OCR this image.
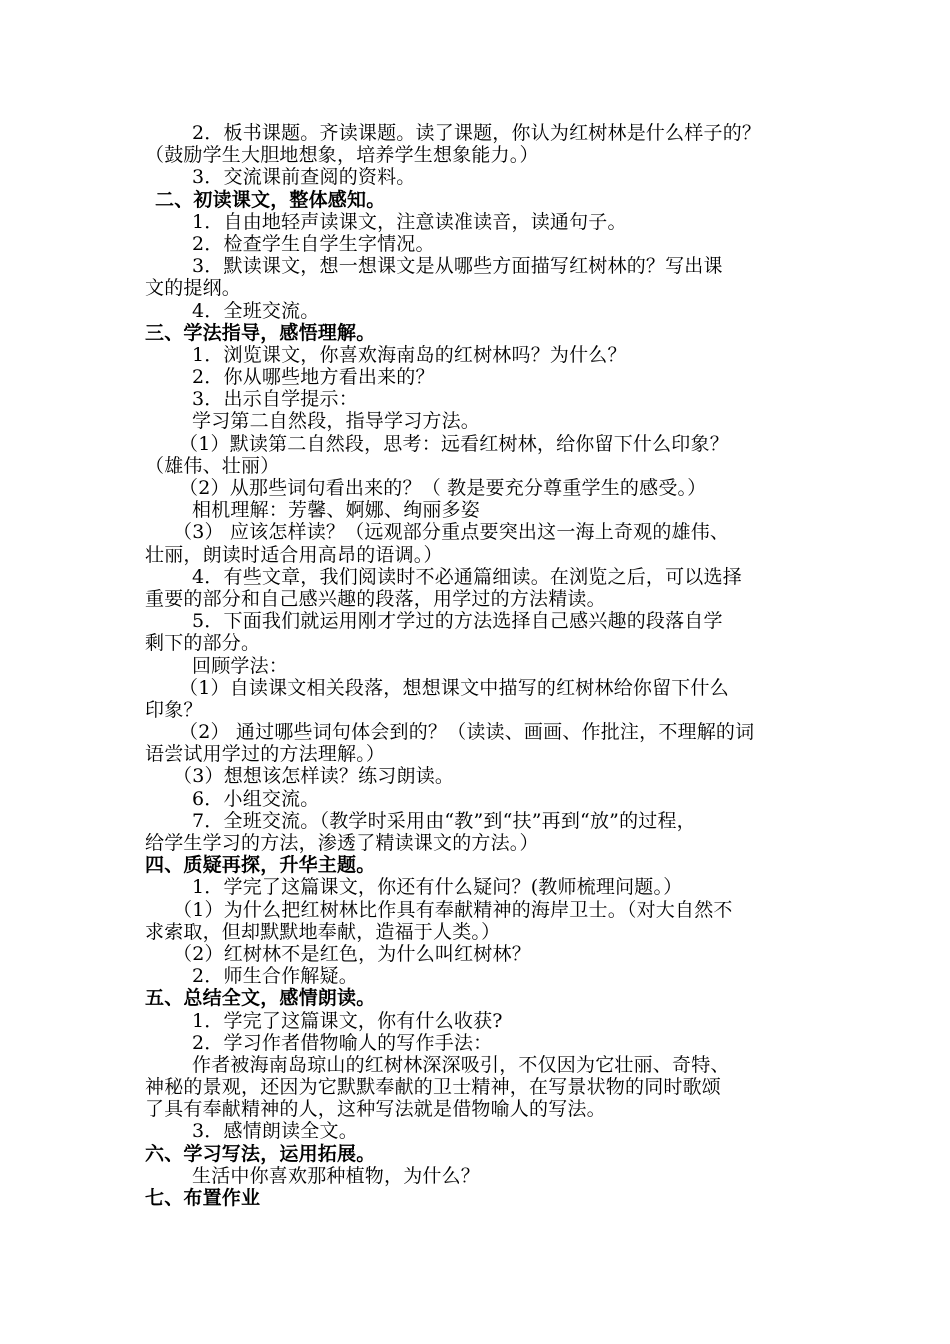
2．板书课题。齐读课题。读了课题，你认为红树林是什么样子的？
（鼓励学生大胆地想象，培养学生想象能力。）
3．交流课前查阅的资料。
二、初读课文，整体感知。
1．自由地轻声读课文，注意读准读音，读通句子。
2．检查学生自学生字情况。
3．默读课文，想一想课文是从哪些方面描写红树林的？写出课
文的提纲。
4．全班交流。
三、学法指导，感悟理解。
1．浏览课文，你喜欢海南岛的红树林吗？为什么？
2．你从哪些地方看出来的？
3．出示自学提示：
学习第二自然段，指导学习方法。
（1）默读第二自然段，思考：远看红树林，给你留下什么印象？
（雄伟、壮丽）
（2）从那些词句看出来的？（ 教是要充分尊重学生的感受。）
相机理解：芳馨、婀娜、绚丽多姿
（3） 应该怎样读？（远观部分重点要突出这一海上奇观的雄伟、
壮丽，朗读时适合用高昂的语调。）
4．有些文章，我们阅读时不必通篇细读。在浏览之后，可以选择
重要的部分和自己感兴趣的段落，用学过的方法精读。
5．下面我们就运用刚才学过的方法选择自己感兴趣的段落自学
剩下的部分。
回顾学法：
（1）自读课文相关段落，想想课文中描写的红树林给你留下什么
印象？
（2） 通过哪些词句体会到的？（读读、画画、作批注，不理解的词
语尝试用学过的方法理解。）
（3）想想该怎样读？练习朗读。
6．小组交流。
7．全班交流。（教学时采用由“教”到“扶”再到“放”的过程，
给学生学习的方法，渗透了精读课文的方法。）
四、质疑再探，升华主题。
1．学完了这篇课文，你还有什么疑问？(教师梳理问题。）
（1）为什么把红树林比作具有奉献精神的海岸卫士。（对大自然不
求索取，但却默默地奉献，造福于人类。）
（2）红树林不是红色，为什么叫红树林？
2．师生合作解疑。
五、总结全文，感情朗读。
1．学完了这篇课文，你有什么收获?
2．学习作者借物喻人的写作手法：
作者被海南岛琼山的红树林深深吸引，不仅因为它壮丽、奇特、
神秘的景观，还因为它默默奉献的卫士精神，在写景状物的同时歌颂
了具有奉献精神的人，这种写法就是借物喻人的写法。
3．感情朗读全文。
六、学习写法，运用拓展。
生活中你喜欢那种植物，为什么？
七、布置作业
